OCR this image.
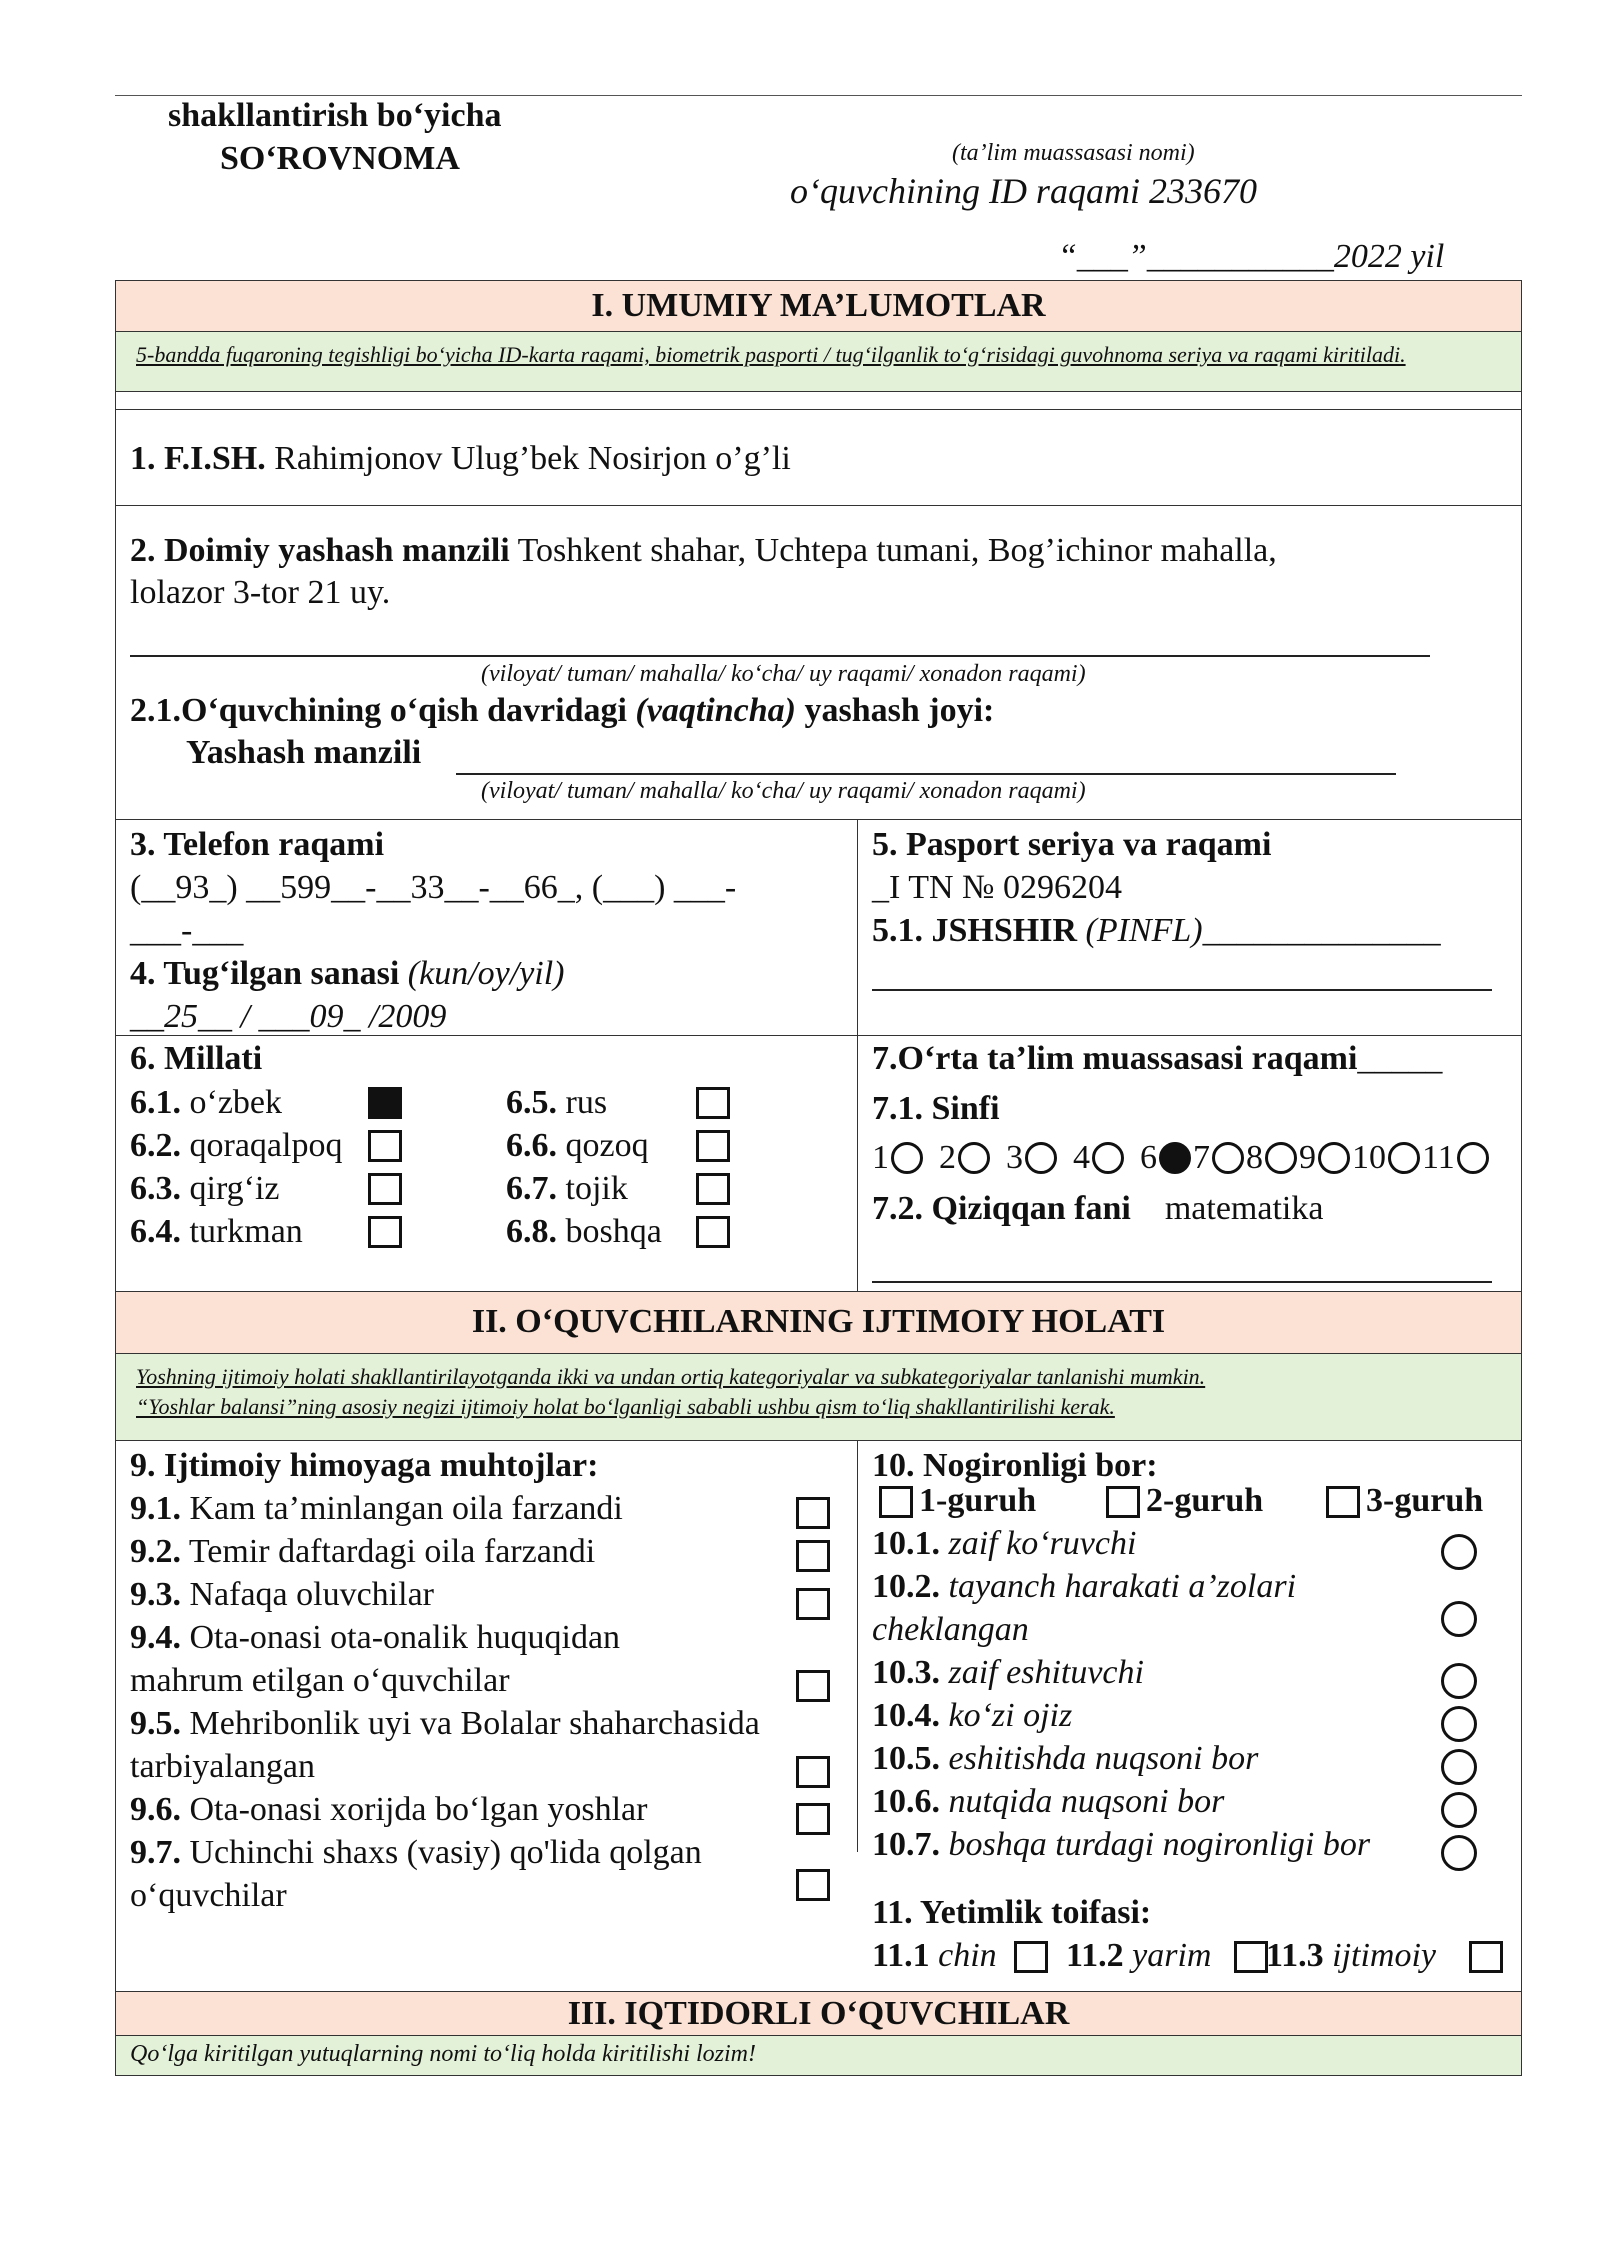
shakllantirish bo‘yicha
SO‘ROVNOMA	(ta’lim muassasasi nomi)
o‘quvchining ID raqami 233670
“___”___________2022 yil
I. UMUMIY MA’LUMOTLAR
5-bandda fuqaroning tegishligi bo‘yicha ID-karta raqami, biometrik pasporti / tug‘ilganlik to‘g‘risidagi guvohnoma seriya va raqami kiritiladi.
1. F.I.SH. Rahimjonov Ulug’bek Nosirjon o’g’li
2. Doimiy yashash manzili Toshkent shahar, Uchtepa tumani, Bog’ichinor mahalla,
lolazor 3-tor 21 uy.
(viloyat/ tuman/ mahalla/ ko‘cha/ uy raqami/ xonadon raqami)
2.1.O‘quvchining o‘qish davridagi (vaqtincha) yashash joyi:
Yashash manzili
(viloyat/ tuman/ mahalla/ ko‘cha/ uy raqami/ xonadon raqami)
3. Telefon raqami
(__93_) __599__-__33__-__66_, (___) ___-
___-___
4. Tug‘ilgan sanasi (kun/oy/yil)
__25__ / ___09_ /2009
5. Pasport seriya va raqami
_I TN № 0296204
5.1. JSHSHIR (PINFL)______________
6. Millati
6.1. o‘zbek
6.2. qoraqalpoq
6.3. qirg‘iz
6.4. turkman
6.5. rus
6.6. qozoq
6.7. tojik
6.8. boshqa
7.O‘rta ta’lim muassasasi raqami_____
7.1. Sinfi
1 2 3 4 6 7 8 9 10 11
7.2. Qiziqqan fani matematika
II. O‘QUVCHILARNING IJTIMOIY HOLATI
Yoshning ijtimoiy holati shakllantirilayotganda ikki va undan ortiq kategoriyalar va subkategoriyalar tanlanishi mumkin.
“Yoshlar balansi”ning asosiy negizi ijtimoiy holat bo‘lganligi sababli ushbu qism to‘liq shakllantirilishi kerak.
9. Ijtimoiy himoyaga muhtojlar:
9.1. Kam ta’minlangan oila farzandi
9.2. Temir daftardagi oila farzandi
9.3. Nafaqa oluvchilar
9.4. Ota-onasi ota-onalik huquqidan
mahrum etilgan o‘quvchilar
9.5. Mehribonlik uyi va Bolalar shaharchasida
tarbiyalangan
9.6. Ota-onasi xorijda bo‘lgan yoshlar
9.7. Uchinchi shaxs (vasiy) qo'lida qolgan
o‘quvchilar
10. Nogironligi bor:
1-guruh	2-guruh	3-guruh
10.1. zaif ko‘ruvchi
10.2. tayanch harakati a’zolari
cheklangan
10.3. zaif eshituvchi
10.4. ko‘zi ojiz
10.5. eshitishda nuqsoni bor
10.6. nutqida nuqsoni bor
10.7. boshqa turdagi nogironligi bor
11. Yetimlik toifasi:
11.1 chin 11.2 yarim 11.3 ijtimoiy
III. IQTIDORLI O‘QUVCHILAR
Qo‘lga kiritilgan yutuqlarning nomi to‘liq holda kiritilishi lozim!
